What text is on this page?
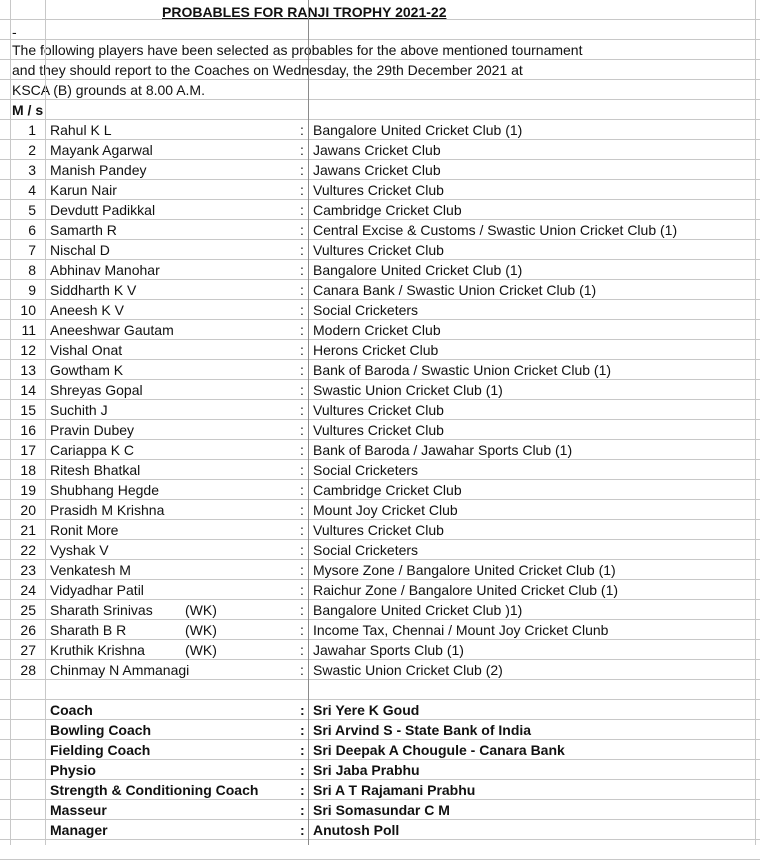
PROBABLES FOR RANJI TROPHY 2021-22
-
The following players have been selected as probables for the above mentioned tournament
and they should report to the Coaches on Wednesday, the 29th December 2021 at
KSCA (B) grounds at 8.00 A.M.
M / s
1 Rahul K L	: Bangalore United Cricket Club (1)
2 Mayank Agarwal	: Jawans Cricket Club
3 Manish Pandey	: Jawans Cricket Club
4 Karun Nair	: Vultures Cricket Club
5 Devdutt Padikkal	: Cambridge Cricket Club
6 Samarth R	: Central Excise & Customs / Swastic Union Cricket Club (1)
7 Nischal D	: Vultures Cricket Club
8 Abhinav Manohar	: Bangalore United Cricket Club (1)
9 Siddharth K V	: Canara Bank / Swastic Union Cricket Club (1)
10 Aneesh K V	: Social Cricketers
11 Aneeshwar Gautam	: Modern Cricket Club
12 Vishal Onat	: Herons Cricket Club
13 Gowtham K	: Bank of Baroda / Swastic Union Cricket Club (1)
14 Shreyas Gopal	: Swastic Union Cricket Club (1)
15 Suchith J	: Vultures Cricket Club
16 Pravin Dubey	: Vultures Cricket Club
17 Cariappa K C	: Bank of Baroda / Jawahar Sports Club (1)
18 Ritesh Bhatkal	: Social Cricketers
19 Shubhang Hegde	: Cambridge Cricket Club
20 Prasidh M Krishna	: Mount Joy Cricket Club
21 Ronit More	: Vultures Cricket Club
22 Vyshak V	: Social Cricketers
23 Venkatesh M	: Mysore Zone / Bangalore United Cricket Club (1)
24 Vidyadhar Patil	: Raichur Zone / Bangalore United Cricket Club (1)
25 Sharath Srinivas (WK)	: Bangalore United Cricket Club )1)
26 Sharath B R	(WK)	: Income Tax, Chennai / Mount Joy Cricket Clunb
27 Kruthik Krishna	(WK)	: Jawahar Sports Club (1)
28 Chinmay N Ammanagi	: Swastic Union Cricket Club (2)
Coach	: Sri Yere K Goud
Bowling Coach	: Sri Arvind S - State Bank of India
Fielding Coach	: Sri Deepak A Chougule - Canara Bank
Physio	: Sri Jaba Prabhu
Strength & Conditioning Coach	: Sri A T Rajamani Prabhu
Masseur	: Sri Somasundar C M
Manager	: Anutosh Poll
